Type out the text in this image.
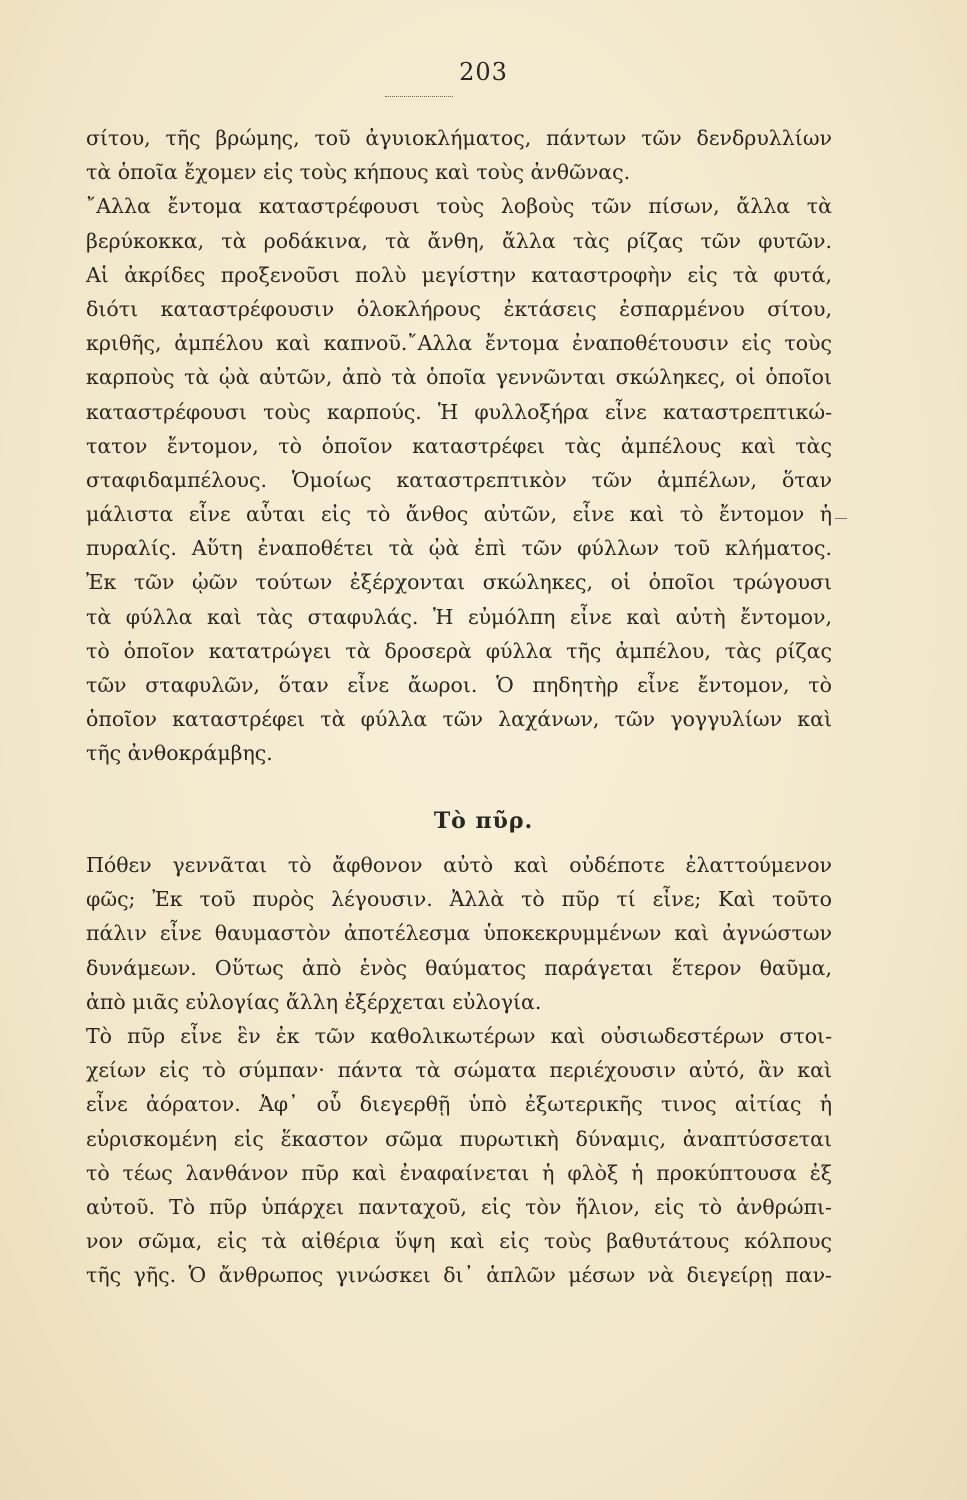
203
σίτου, τῆς βρώμης, τοῦ ἀγυιοκλήματος, πάντων τῶν δενδρυλλίων
τὰ ὁποῖα ἔχομεν εἰς τοὺς κήπους καὶ τοὺς ἀνθῶνας.
῎Αλλα ἔντομα καταστρέφουσι τοὺς λοβοὺς τῶν πίσων, ἄλλα τὰ
βερύκοκκα, τὰ ροδάκινα, τὰ ἄνθη, ἄλλα τὰς ρίζας τῶν φυτῶν.
Αἱ ἀκρίδες προξενοῦσι πολὺ μεγίστην καταστροφὴν εἰς τὰ φυτά,
διότι καταστρέφουσιν ὁλοκλήρους ἐκτάσεις ἐσπαρμένου σίτου,
κριθῆς, ἀμπέλου καὶ καπνοῦ.῎Αλλα ἔντομα ἐναποθέτουσιν εἰς τοὺς
καρποὺς τὰ ᾠὰ αὐτῶν, ἀπὸ τὰ ὁποῖα γεννῶνται σκώληκες, οἱ ὁποῖοι
καταστρέφουσι τοὺς καρπούς. Ἡ φυλλοξήρα εἶνε καταστρεπτικώ-
τατον ἔντομον, τὸ ὁποῖον καταστρέφει τὰς ἀμπέλους καὶ τὰς
σταφιδαμπέλους. Ὁμοίως καταστρεπτικὸν τῶν ἀμπέλων, ὅταν
μάλιστα εἶνε αὗται εἰς τὸ ἄνθος αὐτῶν, εἶνε καὶ τὸ ἔντομον ἡ
πυραλίς. Αὕτη ἐναποθέτει τὰ ᾠὰ ἐπὶ τῶν φύλλων τοῦ κλήματος.
Ἐκ τῶν ᾠῶν τούτων ἐξέρχονται σκώληκες, οἱ ὁποῖοι τρώγουσι
τὰ φύλλα καὶ τὰς σταφυλάς. Ἡ εὐμόλπη εἶνε καὶ αὐτὴ ἔντομον,
τὸ ὁποῖον κατατρώγει τὰ δροσερὰ φύλλα τῆς ἀμπέλου, τὰς ρίζας
τῶν σταφυλῶν, ὅταν εἶνε ἄωροι. Ὁ πηδητὴρ εἶνε ἔντομον, τὸ
ὁποῖον καταστρέφει τὰ φύλλα τῶν λαχάνων, τῶν γογγυλίων καὶ
τῆς ἀνθοκράμβης.
Τὸ πῦρ.
Πόθεν γεννᾶται τὸ ἄφθονον αὐτὸ καὶ οὐδέποτε ἐλαττούμενον
φῶς; Ἐκ τοῦ πυρὸς λέγουσιν. Ἀλλὰ τὸ πῦρ τί εἶνε; Καὶ τοῦτο
πάλιν εἶνε θαυμαστὸν ἀποτέλεσμα ὑποκεκρυμμένων καὶ ἀγνώστων
δυνάμεων. Οὕτως ἀπὸ ἑνὸς θαύματος παράγεται ἕτερον θαῦμα,
ἀπὸ μιᾶς εὐλογίας ἄλλη ἐξέρχεται εὐλογία.
Τὸ πῦρ εἶνε ἓν ἐκ τῶν καθολικωτέρων καὶ οὐσιωδεστέρων στοι-
χείων εἰς τὸ σύμπαν· πάντα τὰ σώματα περιέχουσιν αὐτό, ἂν καὶ
εἶνε ἀόρατον. Ἀφ᾽ οὗ διεγερθῇ ὑπὸ ἐξωτερικῆς τινος αἰτίας ἡ
εὑρισκομένη εἰς ἕκαστον σῶμα πυρωτικὴ δύναμις, ἀναπτύσσεται
τὸ τέως λανθάνον πῦρ καὶ ἐναφαίνεται ἡ φλὸξ ἡ προκύπτουσα ἐξ
αὐτοῦ. Τὸ πῦρ ὑπάρχει πανταχοῦ, εἰς τὸν ἥλιον, εἰς τὸ ἀνθρώπι-
νον σῶμα, εἰς τὰ αἰθέρια ὕψη καὶ εἰς τοὺς βαθυτάτους κόλπους
τῆς γῆς. Ὁ ἄνθρωπος γινώσκει δι᾽ ἁπλῶν μέσων νὰ διεγείρῃ παν-
